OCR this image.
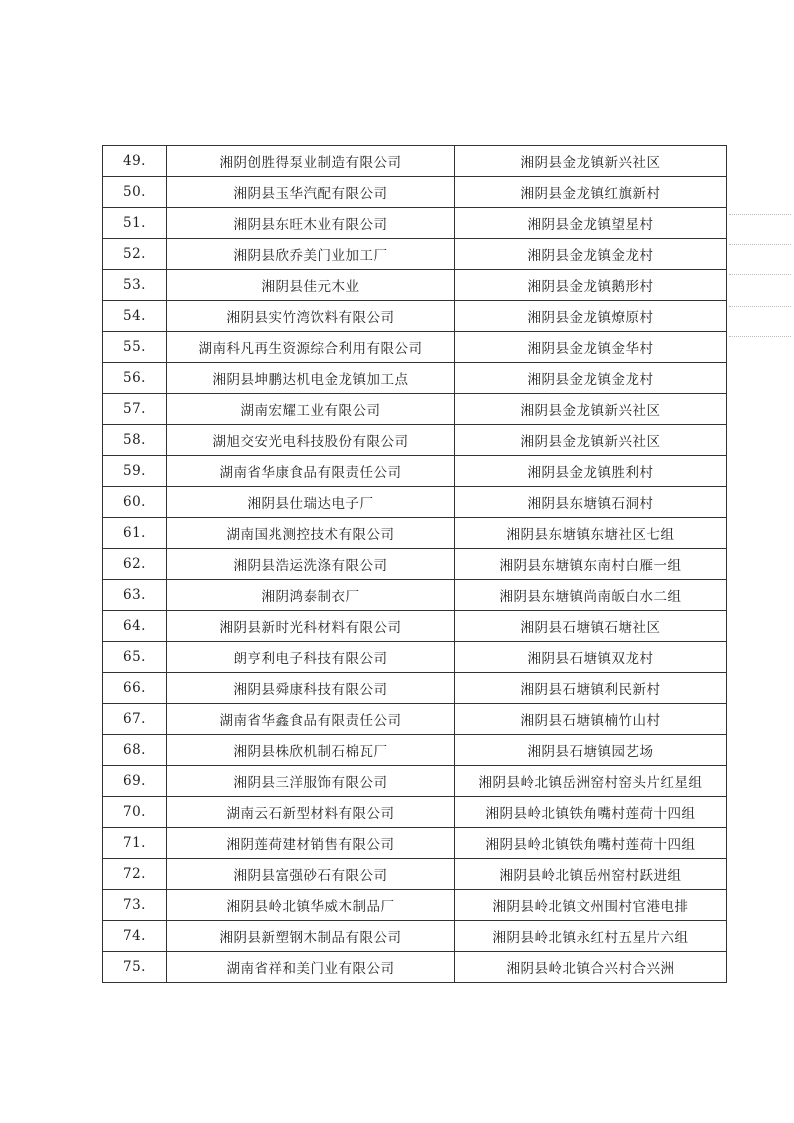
49.	湘阴创胜得泵业制造有限公司	湘阴县金龙镇新兴社区
50.	湘阴县玉华汽配有限公司	湘阴县金龙镇红旗新村
51.	湘阴县东旺木业有限公司	湘阴县金龙镇望星村
52.	湘阴县欣乔美门业加工厂	湘阴县金龙镇金龙村
53.	湘阴县佳元木业	湘阴县金龙镇鹅形村
54.	湘阴县实竹湾饮料有限公司	湘阴县金龙镇燎原村
55.	湖南科凡再生资源综合利用有限公司	湘阴县金龙镇金华村
56.	湘阴县坤鹏达机电金龙镇加工点	湘阴县金龙镇金龙村
57.	湖南宏耀工业有限公司	湘阴县金龙镇新兴社区
58.	湖旭交安光电科技股份有限公司	湘阴县金龙镇新兴社区
59.	湖南省华康食品有限责任公司	湘阴县金龙镇胜利村
60.	湘阴县仕瑞达电子厂	湘阴县东塘镇石洞村
61.	湖南国兆测控技术有限公司	湘阴县东塘镇东塘社区七组
62.	湘阴县浩运洗涤有限公司	湘阴县东塘镇东南村白雁一组
63.	湘阴鸿泰制衣厂	湘阴县东塘镇尚南皈白水二组
64.	湘阴县新时光科材料有限公司	湘阴县石塘镇石塘社区
65.	朗亨利电子科技有限公司	湘阴县石塘镇双龙村
66.	湘阴县舜康科技有限公司	湘阴县石塘镇利民新村
67.	湖南省华鑫食品有限责任公司	湘阴县石塘镇楠竹山村
68.	湘阴县株欣机制石棉瓦厂	湘阴县石塘镇园艺场
69.	湘阴县三洋服饰有限公司	湘阴县岭北镇岳洲窑村窑头片红星组
70.	湖南云石新型材料有限公司	湘阴县岭北镇铁角嘴村莲荷十四组
71.	湘阴莲荷建材销售有限公司	湘阴县岭北镇铁角嘴村莲荷十四组
72.	湘阴县富强砂石有限公司	湘阴县岭北镇岳州窑村跃进组
73.	湘阴县岭北镇华威木制品厂	湘阴县岭北镇文州围村官港电排
74.	湘阴县新塑钢木制品有限公司	湘阴县岭北镇永红村五星片六组
75.	湖南省祥和美门业有限公司	湘阴县岭北镇合兴村合兴洲
